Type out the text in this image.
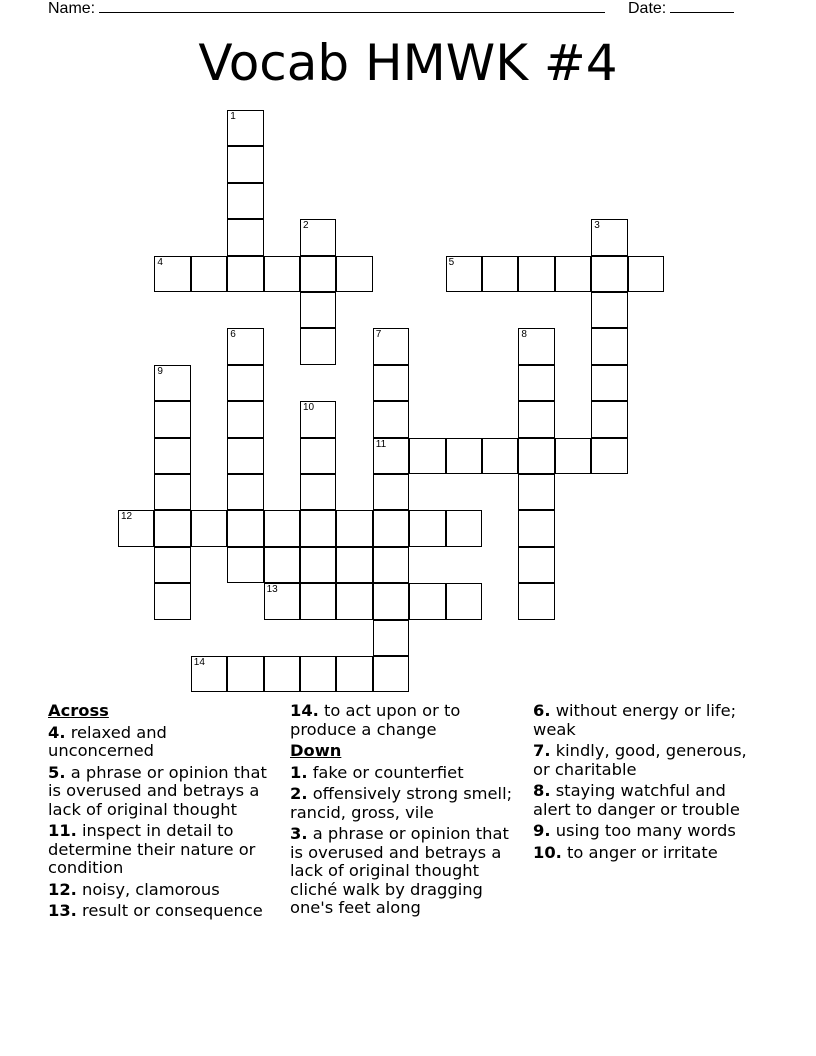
Name:	Date:
Vocab HMWK #4
1
2	3
4	5
6	7	8
9
10
11
12
13
14
Across
4. relaxed and unconcerned
5. a phrase or opinion that is overused and betrays a lack of original thought
11. inspect in detail to determine their nature or condition
12. noisy, clamorous
13. result or consequence
14. to act upon or to produce a change
Down
1. fake or counterfiet
2. offensively strong smell; rancid, gross, vile
3. a phrase or opinion that is overused and betrays a lack of original thought cliché walk by dragging one's feet along
6. without energy or life; weak
7. kindly, good, generous, or charitable
8. staying watchful and alert to danger or trouble
9. using too many words
10. to anger or irritate
